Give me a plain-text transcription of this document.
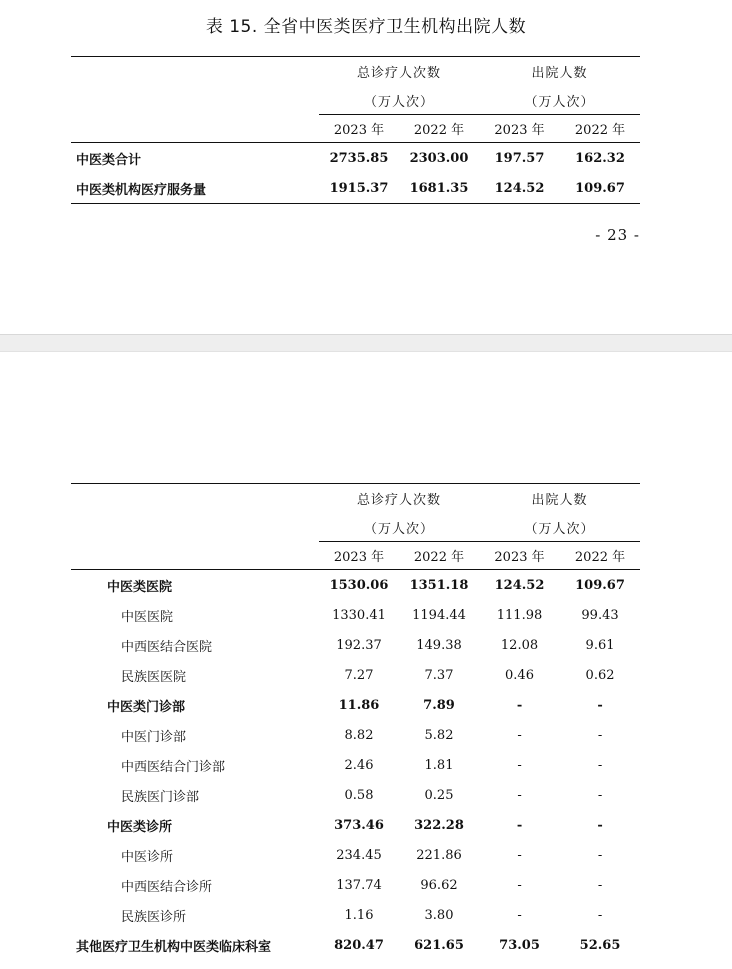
表 15. 全省中医类医疗卫生机构出院人数
	总诊疗人次数		出院人数	
	（万人次）		（万人次）	
	2023 年	2022 年	2023 年	2022 年
中医类合计	2735.85	2303.00	197.57	162.32
中医类机构医疗服务量	1915.37	1681.35	124.52	109.67
- 23 -
	总诊疗人次数		出院人数	
	（万人次）		（万人次）	
	2023 年	2022 年	2023 年	2022 年
中医类医院	1530.06	1351.18	124.52	109.67
中医医院	1330.41	1194.44	111.98	99.43
中西医结合医院	192.37	149.38	12.08	9.61
民族医医院	7.27	7.37	0.46	0.62
中医类门诊部	11.86	7.89	-	-
中医门诊部	8.82	5.82	-	-
中西医结合门诊部	2.46	1.81	-	-
民族医门诊部	0.58	0.25	-	-
中医类诊所	373.46	322.28	-	-
中医诊所	234.45	221.86	-	-
中西医结合诊所	137.74	96.62	-	-
民族医诊所	1.16	3.80	-	-
其他医疗卫生机构中医类临床科室	820.47	621.65	73.05	52.65
